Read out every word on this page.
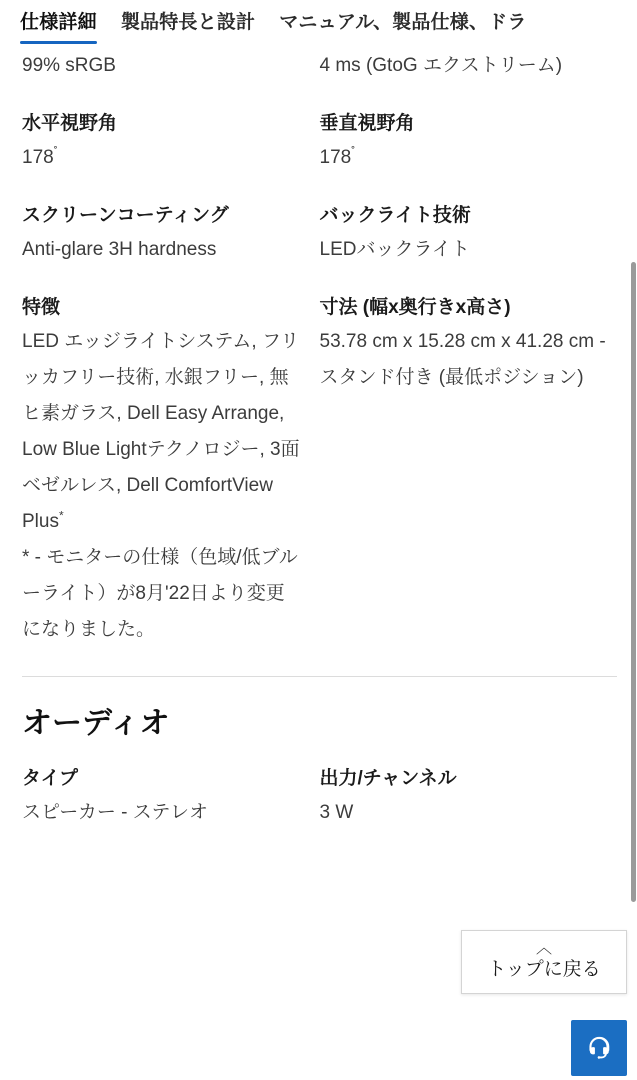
仕様詳細	製品特長と設計	マニュアル、製品仕様、ドラ

99% sRGB	4 ms (GtoG エクストリーム)

水平視野角

178˚

垂直視野角

178˚

スクリーンコーティング

Anti-glare 3H hardness

バックライト技術

LEDバックライト

特徴

LED エッジライトシステム, フリッカフリー技術, 水銀フリー, 無ヒ素ガラス, Dell Easy Arrange, Low Blue Lightテクノロジー, 3面ベゼルレス, Dell ComfortView Plus*

* - モニターの仕様（色域/低ブルーライト）が8月'22日より変更になりました。

寸法 (幅x奥行きx高さ)

53.78 cm x 15.28 cm x 41.28 cm - スタンド付き (最低ポジション)

オーディオ

タイプ

スピーカー - ステレオ

出力/チャンネル

3 W

︿
トップに戻る
